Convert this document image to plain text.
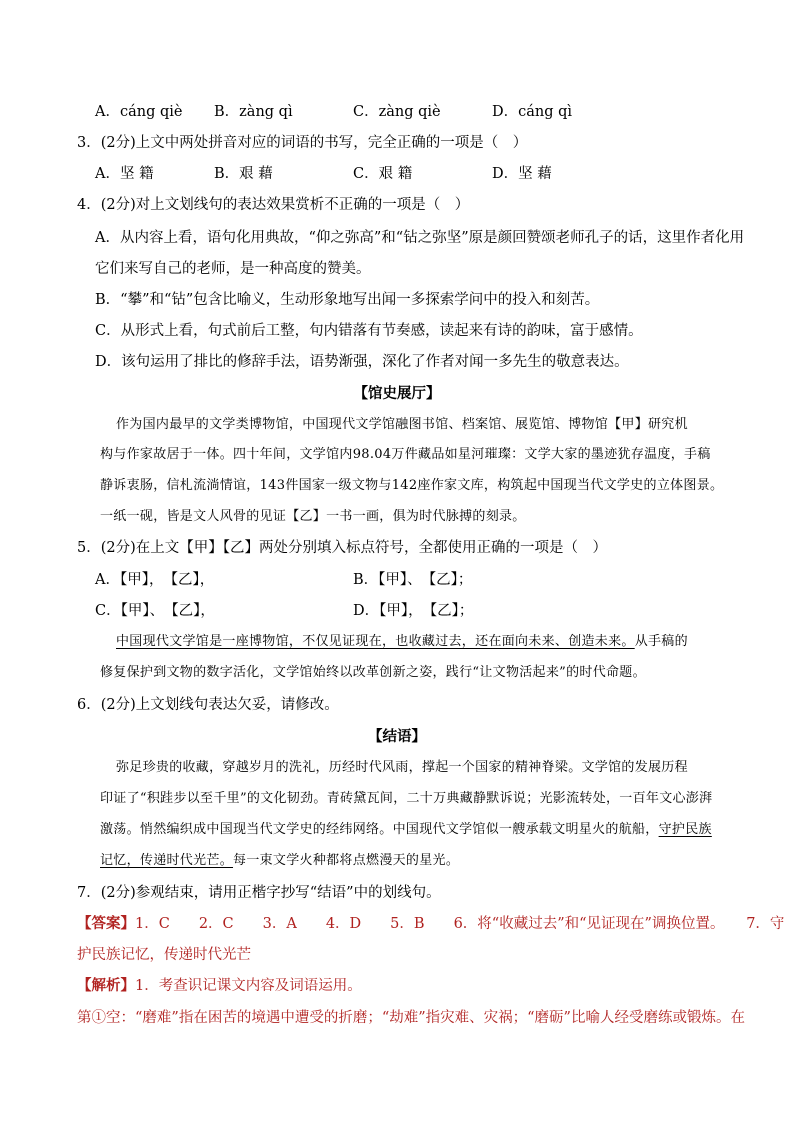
A．cáng qiè B．zàng qì	C．zàng qiè	D．cáng qì
3．(2分)上文中两处拼音对应的词语的书写，完全正确的一项是（　）
A．坚 籍	B．艰 藉	C．艰 籍	D．坚 藉
4．(2分)对上文划线句的表达效果赏析不正确的一项是（　）
A．从内容上看，语句化用典故，“仰之弥高”和“钻之弥坚”原是颜回赞颂老师孔子的话，这里作者化用
它们来写自己的老师，是一种高度的赞美。
B．“攀”和“钻”包含比喻义，生动形象地写出闻一多探索学问中的投入和刻苦。
C．从形式上看，句式前后工整，句内错落有节奏感，读起来有诗的韵味，富于感情。
D．该句运用了排比的修辞手法，语势渐强，深化了作者对闻一多先生的敬意表达。
【馆史展厅】
作为国内最早的文学类博物馆，中国现代文学馆融图书馆、档案馆、展览馆、博物馆【甲】研究机
构与作家故居于一体。四十年间，文学馆内98.04万件藏品如星河璀璨：文学大家的墨迹犹存温度，手稿
静诉衷肠，信札流淌情谊，143件国家一级文物与142座作家文库，构筑起中国现当代文学史的立体图景。
一纸一砚，皆是文人风骨的见证【乙】一书一画，俱为时代脉搏的刻录。
5．(2分)在上文【甲】【乙】两处分别填入标点符号，全都使用正确的一项是（　）
A．【甲】，　【乙】，	B．【甲】、　【乙】；
C．【甲】、　【乙】，	D．【甲】，　【乙】；
中国现代文学馆是一座博物馆，不仅见证现在，也收藏过去，还在面向未来、创造未来。从手稿的
修复保护到文物的数字活化，文学馆始终以改革创新之姿，践行“让文物活起来”的时代命题。
6．(2分)上文划线句表达欠妥，请修改。
【结语】
弥足珍贵的收藏，穿越岁月的洗礼，历经时代风雨，撑起一个国家的精神脊梁。文学馆的发展历程
印证了“积跬步以至千里”的文化韧劲。青砖黛瓦间，二十万典藏静默诉说；光影流转处，一百年文心澎湃
激荡。悄然编织成中国现当代文学史的经纬网络。中国现代文学馆似一艘承载文明星火的航船，守护民族
记忆，传递时代光芒。每一束文学火种都将点燃漫天的星光。
7．(2分)参观结束，请用正楷字抄写“结语”中的划线句。
【答案】1．C　　2．C　　3．A　　4．D　　5．B　　6．将“收藏过去”和“见证现在”调换位置。　　7．守
护民族记忆，传递时代光芒
【解析】1．考查识记课文内容及词语运用。
第①空：“磨难”指在困苦的境遇中遭受的折磨；“劫难”指灾难、灾祸；“磨砺”比喻人经受磨练或锻炼。在
